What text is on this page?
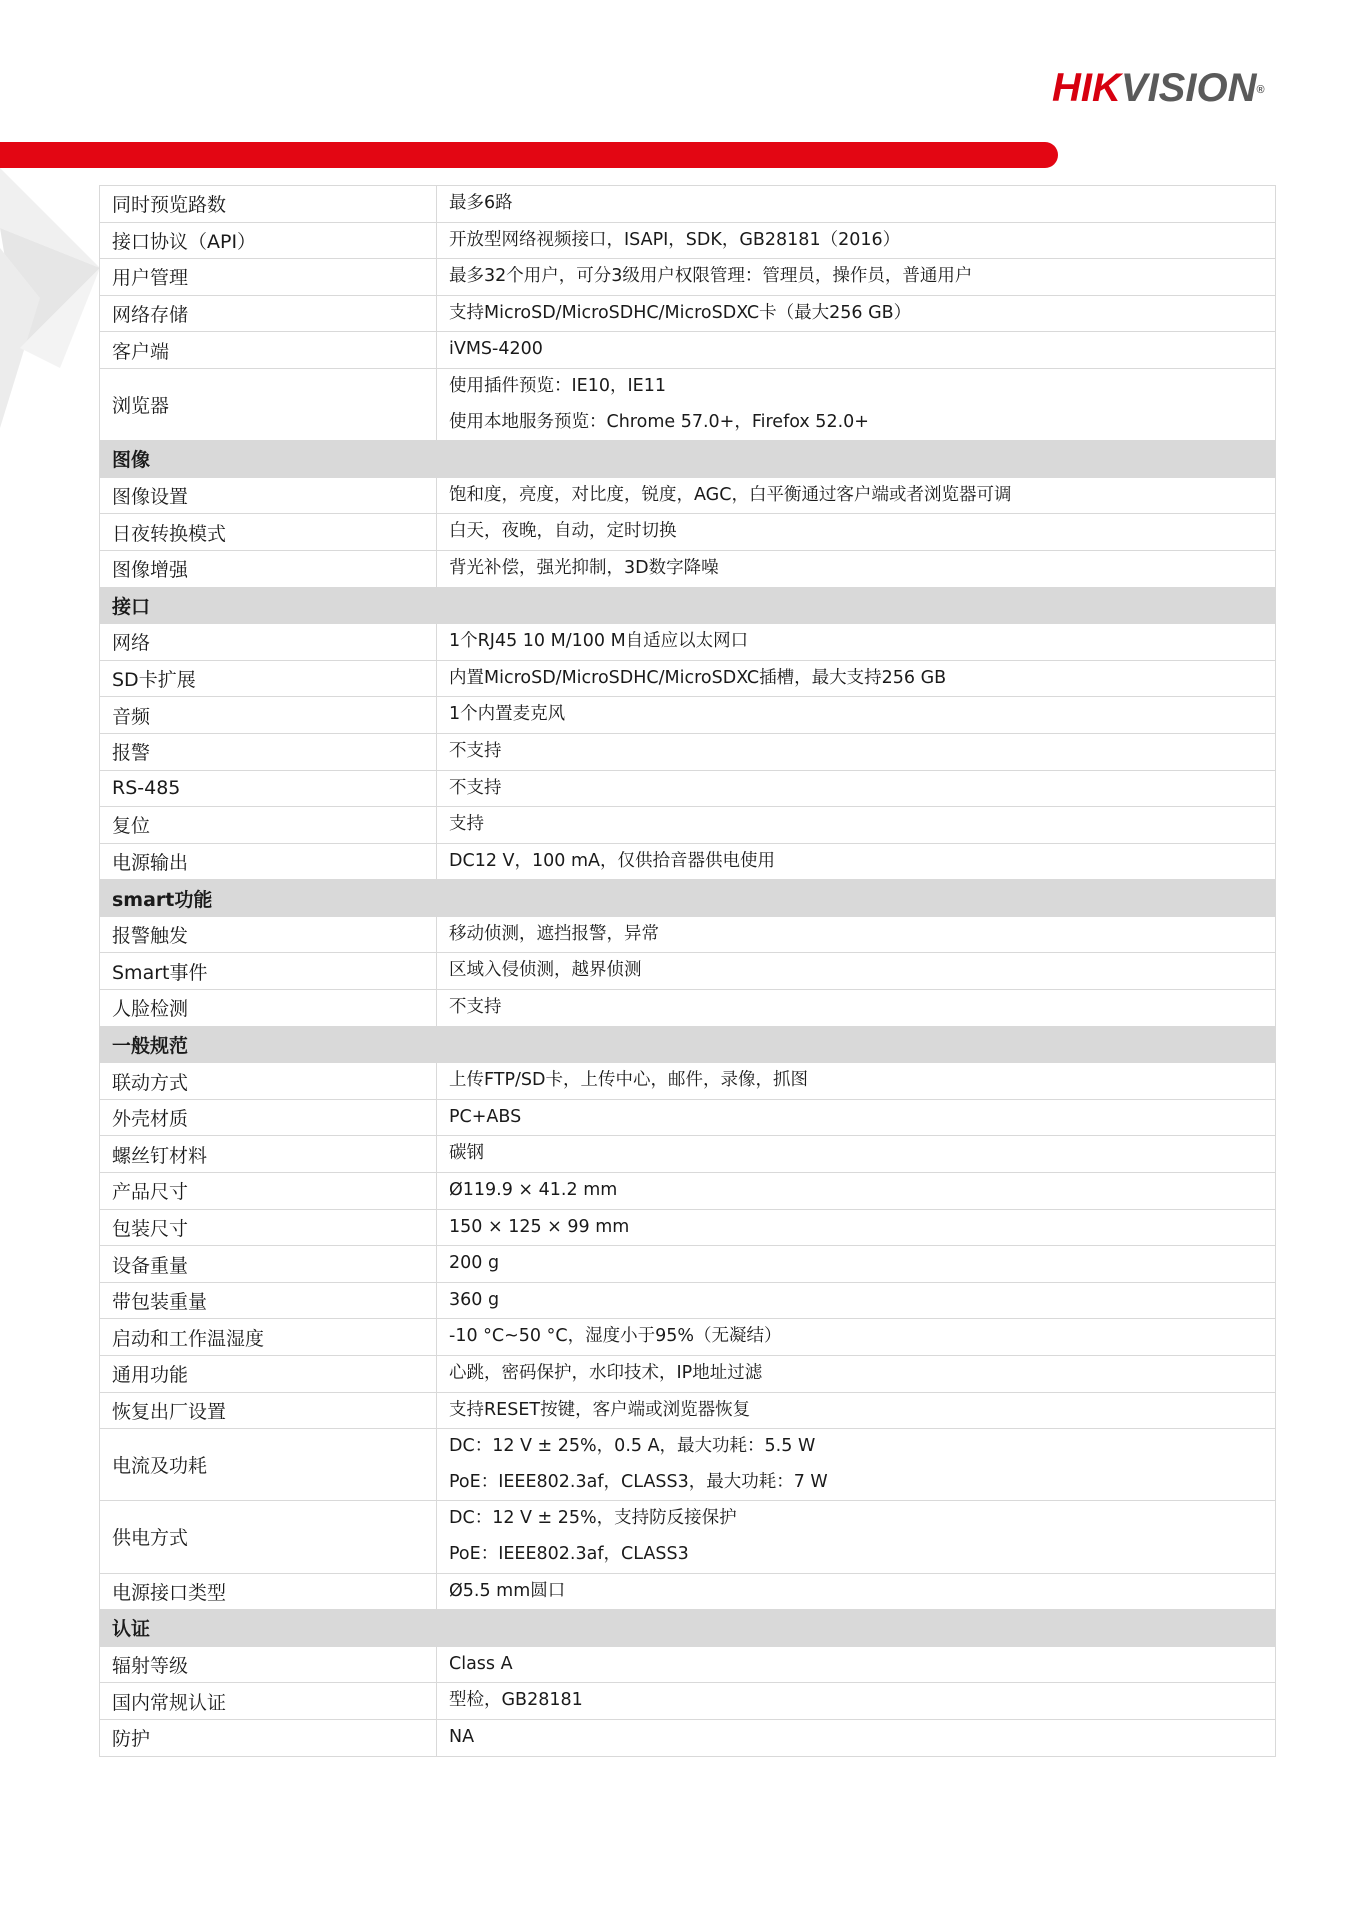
HIKVISION®
同时预览路数	最多6路

接口协议（API）	开放型网络视频接口，ISAPI，SDK，GB28181（2016）

用户管理	最多32个用户，可分3级用户权限管理：管理员，操作员，普通用户

网络存储	支持MicroSD/MicroSDHC/MicroSDXC卡（最大256 GB）

客户端	iVMS-4200

浏览器	使用插件预览：IE10，IE11
使用本地服务预览：Chrome 57.0+，Firefox 52.0+

图像	
图像设置	饱和度，亮度，对比度，锐度，AGC，白平衡通过客户端或者浏览器可调

日夜转换模式	白天，夜晚，自动，定时切换

图像增强	背光补偿，强光抑制，3D数字降噪

接口	
网络	1个RJ45 10 M/100 M自适应以太网口

SD卡扩展	内置MicroSD/MicroSDHC/MicroSDXC插槽，最大支持256 GB

音频	1个内置麦克风

报警	不支持

RS-485	不支持

复位	支持

电源输出	DC12 V，100 mA，仅供拾音器供电使用

smart功能	
报警触发	移动侦测，遮挡报警，异常

Smart事件	区域入侵侦测，越界侦测

人脸检测	不支持

一般规范	
联动方式	上传FTP/SD卡，上传中心，邮件，录像，抓图

外壳材质	PC+ABS

螺丝钉材料	碳钢

产品尺寸	Ø119.9 × 41.2 mm

包装尺寸	150 × 125 × 99 mm

设备重量	200 g

带包装重量	360 g

启动和工作温湿度	-10 °C~50 °C，湿度小于95%（无凝结）

通用功能	心跳，密码保护，水印技术，IP地址过滤

恢复出厂设置	支持RESET按键，客户端或浏览器恢复

电流及功耗	DC：12 V ± 25%，0.5 A，最大功耗：5.5 W
PoE：IEEE802.3af，CLASS3，最大功耗：7 W

供电方式	DC：12 V ± 25%，支持防反接保护
PoE：IEEE802.3af，CLASS3

电源接口类型	Ø5.5 mm圆口

认证	
辐射等级	Class A

国内常规认证	型检，GB28181

防护	NA
